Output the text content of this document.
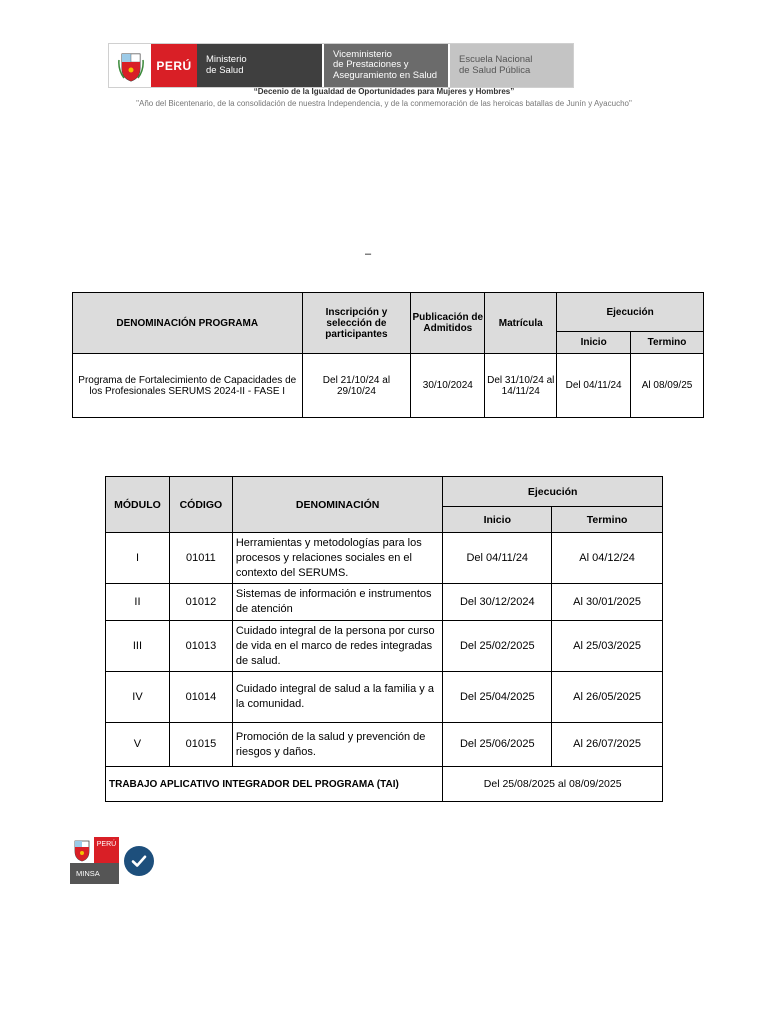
PERÚ	Ministerio
de Salud
Viceministerio
de Prestaciones y
Aseguramiento en Salud
Escuela Nacional
de Salud Pública
“Decenio de la Igualdad de Oportunidades para Mujeres y Hombres”
"Año del Bicentenario, de la consolidación de nuestra Independencia, y de la conmemoración de las heroicas batallas de Junín y Ayacucho"
–
DENOMINACIÓN PROGRAMA	Inscripción y selección de participantes	Publicación de Admitidos	Matrícula	Ejecución	
				Inicio	Termino
Programa de Fortalecimiento de Capacidades de los Profesionales SERUMS 2024-II - FASE I	Del 21/10/24 al 29/10/24	30/10/2024	Del 31/10/24 al 14/11/24	Del 04/11/24	Al 08/09/25
MÓDULO	CÓDIGO	DENOMINACIÓN	Ejecución	
			Inicio	Termino
I	01011	Herramientas y metodologías para los procesos y relaciones sociales en el contexto del SERUMS.	Del 04/11/24	Al 04/12/24
II	01012	Sistemas de información e instrumentos de atención	Del 30/12/2024	Al 30/01/2025
III	01013	Cuidado integral de la persona por curso de vida en el marco de redes integradas de salud.	Del 25/02/2025	Al 25/03/2025
IV	01014	Cuidado integral de salud a la familia y a la comunidad.	Del 25/04/2025	Al 26/05/2025
V	01015	Promoción de la salud y prevención de riesgos y daños.	Del 25/06/2025	Al 26/07/2025
TRABAJO APLICATIVO INTEGRADOR DEL PROGRAMA (TAI)			Del 25/08/2025 al 08/09/2025	
PERÚ
MINSA
